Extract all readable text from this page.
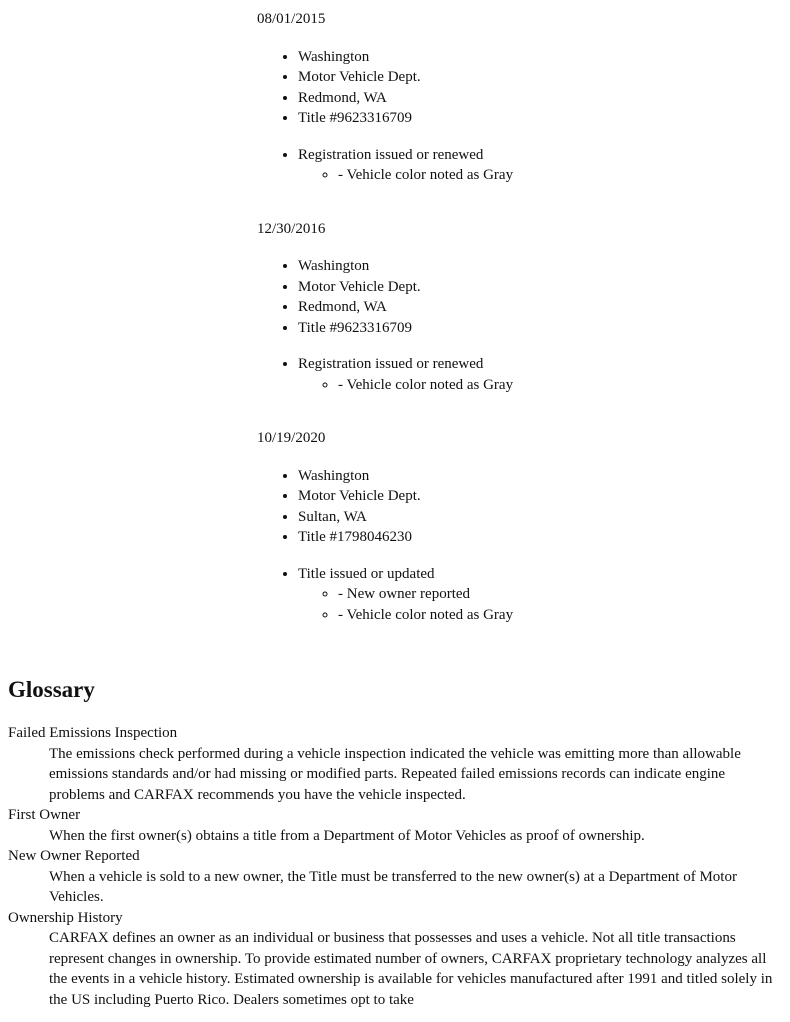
08/01/2015
• Washington
• Motor Vehicle Dept.
• Redmond, WA
• Title #9623316709
• Registration issued or renewed
◦ - Vehicle color noted as Gray
12/30/2016
• Washington
• Motor Vehicle Dept.
• Redmond, WA
• Title #9623316709
• Registration issued or renewed
◦ - Vehicle color noted as Gray
10/19/2020
• Washington
• Motor Vehicle Dept.
• Sultan, WA
• Title #1798046230
• Title issued or updated
◦ - New owner reported
◦ - Vehicle color noted as Gray
Glossary
Failed Emissions Inspection
The emissions check performed during a vehicle inspection indicated the vehicle was emitting more than allowable emissions standards and/or had missing or modified parts. Repeated failed emissions records can indicate engine problems and CARFAX recommends you have the vehicle inspected.
First Owner
When the first owner(s) obtains a title from a Department of Motor Vehicles as proof of ownership.
New Owner Reported
When a vehicle is sold to a new owner, the Title must be transferred to the new owner(s) at a Department of Motor Vehicles.
Ownership History
CARFAX defines an owner as an individual or business that possesses and uses a vehicle. Not all title transactions represent changes in ownership. To provide estimated number of owners, CARFAX proprietary technology analyzes all the events in a vehicle history. Estimated ownership is available for vehicles manufactured after 1991 and titled solely in the US including Puerto Rico. Dealers sometimes opt to take
